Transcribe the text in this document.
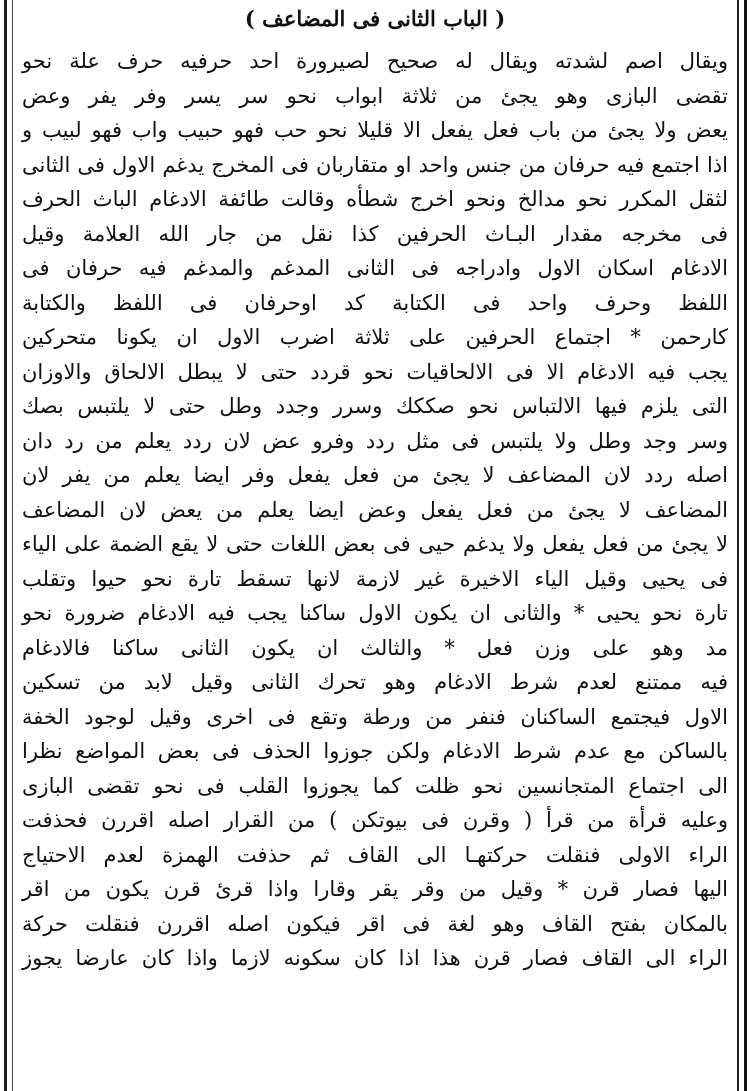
( الباب الثانى فى المضاعف )
ويقال اصم لشدته ويقال له صحيح لصيرورة احد حرفيه حرف علة نحو
تقضى البازى وهو يجئ من ثلاثة ابواب نحو سر يسر وفر يفر وعض
يعض ولا يجئ من باب فعل يفعل الا قليلا نحو حب فهو حبيب واب فهو لبيب و
اذا اجتمع فيه حرفان من جنس واحد او متقاربان فى المخرج يدغم الاول فى الثانى
لثقل المكرر نحو مدالخ ونحو اخرج شطأه وقالت طائفة الادغام الباث الحرف
فى مخرجه مقدار البـاث الحرفين كذا نقل من جار الله العلامة وقيل
الادغام اسكان الاول وادراجه فى الثانى المدغم والمدغم فيه حرفان فى
اللفظ وحرف واحد فى الكتابة كد اوحرفان فى اللفظ والكتابة
كارحمن * اجتماع الحرفين على ثلاثة اضرب الاول ان يكونا متحركين
يجب فيه الادغام الا فى الالحاقيات نحو قردد حتى لا يبطل الالحاق والاوزان
التى يلزم فيها الالتباس نحو صككك وسرر وجدد وطل حتى لا يلتبس بصك
وسر وجد وطل ولا يلتبس فى مثل ردد وفرو عض لان ردد يعلم من رد دان
اصله ردد لان المضاعف لا يجئ من فعل يفعل وفر ايضا يعلم من يفر لان
المضاعف لا يجئ من فعل يفعل وعض ايضا يعلم من يعض لان المضاعف
لا يجئ من فعل يفعل ولا يدغم حيى فى بعض اللغات حتى لا يقع الضمة على الياء
فى يحيى وقيل الياء الاخيرة غير لازمة لانها تسقط تارة نحو حيوا وتقلب
تارة نحو يحيى * والثانى ان يكون الاول ساكنا يجب فيه الادغام ضرورة نحو
مد وهو على وزن فعل * والثالث ان يكون الثانى ساكنا فالادغام
فيه ممتنع لعدم شرط الادغام وهو تحرك الثانى وقيل لابد من تسكين
الاول فيجتمع الساكنان فنفر من ورطة وتقع فى اخرى وقيل لوجود الخفة
بالساكن مع عدم شرط الادغام ولكن جوزوا الحذف فى بعض المواضع نظرا
الى اجتماع المتجانسين نحو ظلت كما يجوزوا القلب فى نحو تقضى البازى
وعليه قرأة من قرأ ( وقرن فى بيوتكن ) من القرار اصله اقررن فحذفت
الراء الاولى فنقلت حركتهـا الى القاف ثم حذفت الهمزة لعدم الاحتياج
اليها فصار قرن * وقيل من وقر يقر وقارا واذا قرئ قرن يكون من اقر
بالمكان بفتح القاف وهو لغة فى اقر فيكون اصله اقررن فنقلت حركة
الراء الى القاف فصار قرن هذا اذا كان سكونه لازما واذا كان عارضا يجوز
